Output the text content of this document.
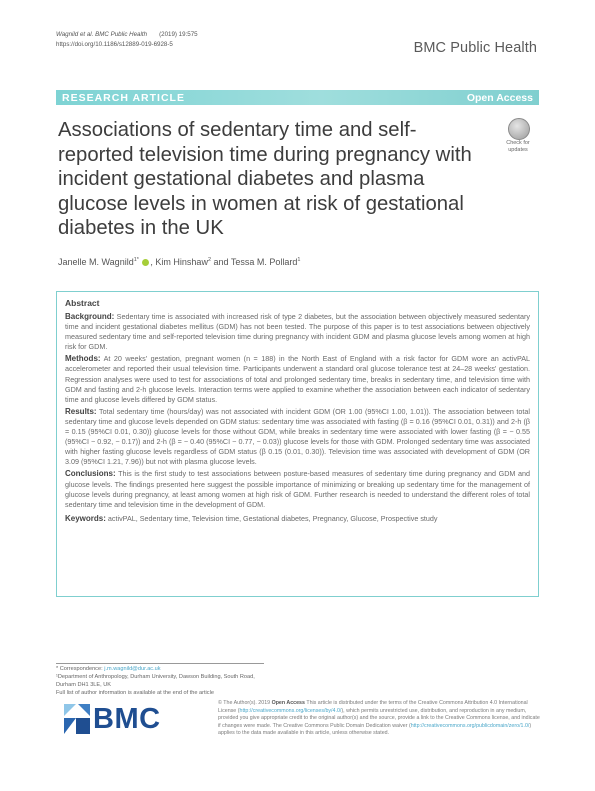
Wagnild et al. BMC Public Health       (2019) 19:575
https://doi.org/10.1186/s12889-019-6928-5	BMC Public Health
RESEARCH ARTICLE	Open Access
Associations of sedentary time and self-reported television time during pregnancy with incident gestational diabetes and plasma glucose levels in women at risk of gestational diabetes in the UK
Check for
updates
Janelle M. Wagnild$^{1*}$ , Kim Hinshaw$^2$ and Tessa M. Pollard$^1$
Abstract

Background: Sedentary time is associated with increased risk of type 2 diabetes, but the association between objectively measured sedentary time and incident gestational diabetes mellitus (GDM) has not been tested. The purpose of this paper is to test associations between objectively measured sedentary time and self-reported television time during pregnancy with incident GDM and plasma glucose levels among women at high risk for GDM.

Methods: At 20 weeks' gestation, pregnant women (n = 188) in the North East of England with a risk factor for GDM wore an activPAL accelerometer and reported their usual television time. Participants underwent a standard oral glucose tolerance test at 24–28 weeks' gestation. Regression analyses were used to test for associations of total and prolonged sedentary time, breaks in sedentary time, and television time with GDM and fasting and 2-h glucose levels. Interaction terms were applied to examine whether the association between each indicator of sedentary time and glucose levels differed by GDM status.

Results: Total sedentary time (hours/day) was not associated with incident GDM (OR 1.00 (95%CI 1.00, 1.01)). The association between total sedentary time and glucose levels depended on GDM status: sedentary time was associated with fasting (β = 0.16 (95%CI 0.01, 0.31)) and 2-h (β = 0.15 (95%CI 0.01, 0.30)) glucose levels for those without GDM, while breaks in sedentary time were associated with lower fasting (β = − 0.55 (95%CI − 0.92, − 0.17)) and 2-h (β = − 0.40 (95%CI − 0.77, − 0.03)) glucose levels for those with GDM. Prolonged sedentary time was associated with higher fasting glucose levels regardless of GDM status (β 0.15 (0.01, 0.30)). Television time was associated with development of GDM (OR 3.09 (95%CI 1.21, 7.96)) but not with plasma glucose levels.

Conclusions: This is the first study to test associations between posture-based measures of sedentary time during pregnancy and GDM and glucose levels. The findings presented here suggest the possible importance of minimizing or breaking up sedentary time for the management of glucose levels during pregnancy, at least among women at high risk of GDM. Further research is needed to understand the different roles of total sedentary time and television time in the development of GDM.

Keywords: activPAL, Sedentary time, Television time, Gestational diabetes, Pregnancy, Glucose, Prospective study

* Correspondence: j.m.wagnild@dur.ac.uk
¹Department of Anthropology, Durham University, Dawson Building, South Road, Durham DH1 3LE, UK
Full list of author information is available at the end of the article
BMC	© The Author(s). 2019 Open Access This article is distributed under the terms of the Creative Commons Attribution 4.0 International License (http://creativecommons.org/licenses/by/4.0/), which permits unrestricted use, distribution, and reproduction in any medium, provided you give appropriate credit to the original author(s) and the source, provide a link to the Creative Commons license, and indicate if changes were made. The Creative Commons Public Domain Dedication waiver (http://creativecommons.org/publicdomain/zero/1.0/) applies to the data made available in this article, unless otherwise stated.
